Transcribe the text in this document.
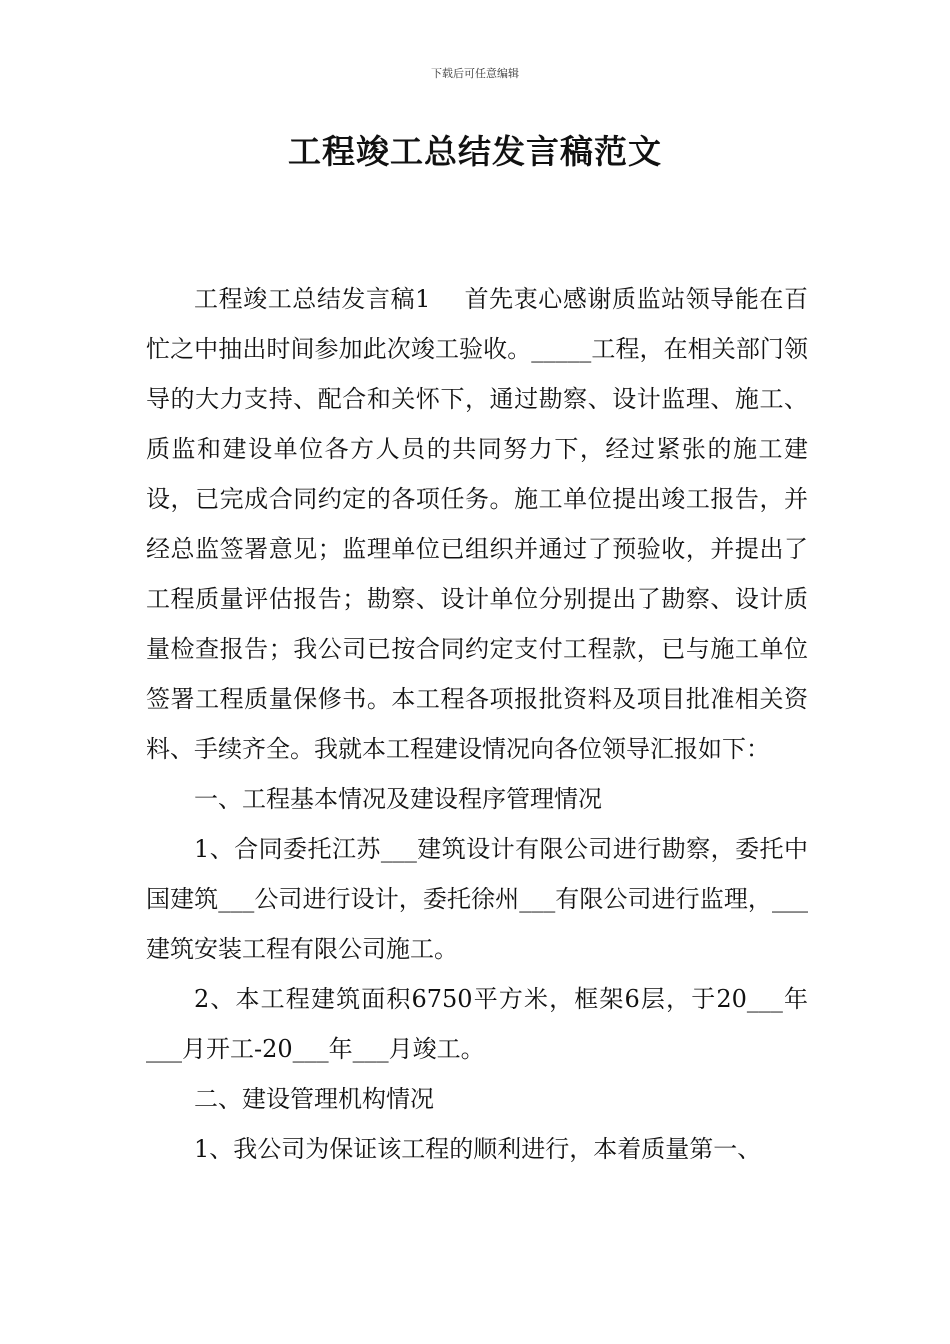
下载后可任意编辑
工程竣工总结发言稿范文

工程竣工总结发言稿1 首先衷心感谢质监站领导能在百忙之中抽出时间参加此次竣工验收。_____工程，在相关部门领导的大力支持、配合和关怀下，通过勘察、设计监理、施工、质监和建设单位各方人员的共同努力下，经过紧张的施工建设，已完成合同约定的各项任务。施工单位提出竣工报告，并经总监签署意见；监理单位已组织并通过了预验收，并提出了工程质量评估报告；勘察、设计单位分别提出了勘察、设计质量检查报告；我公司已按合同约定支付工程款，已与施工单位签署工程质量保修书。本工程各项报批资料及项目批准相关资料、手续齐全。我就本工程建设情况向各位领导汇报如下：

一、工程基本情况及建设程序管理情况

1、合同委托江苏___建筑设计有限公司进行勘察，委托中国建筑___公司进行设计，委托徐州___有限公司进行监理，___建筑安装工程有限公司施工。

2、本工程建筑面积6750平方米，框架6层，于20___年___月开工-20___年___月竣工。

二、建设管理机构情况

1、我公司为保证该工程的顺利进行，本着质量第一、
